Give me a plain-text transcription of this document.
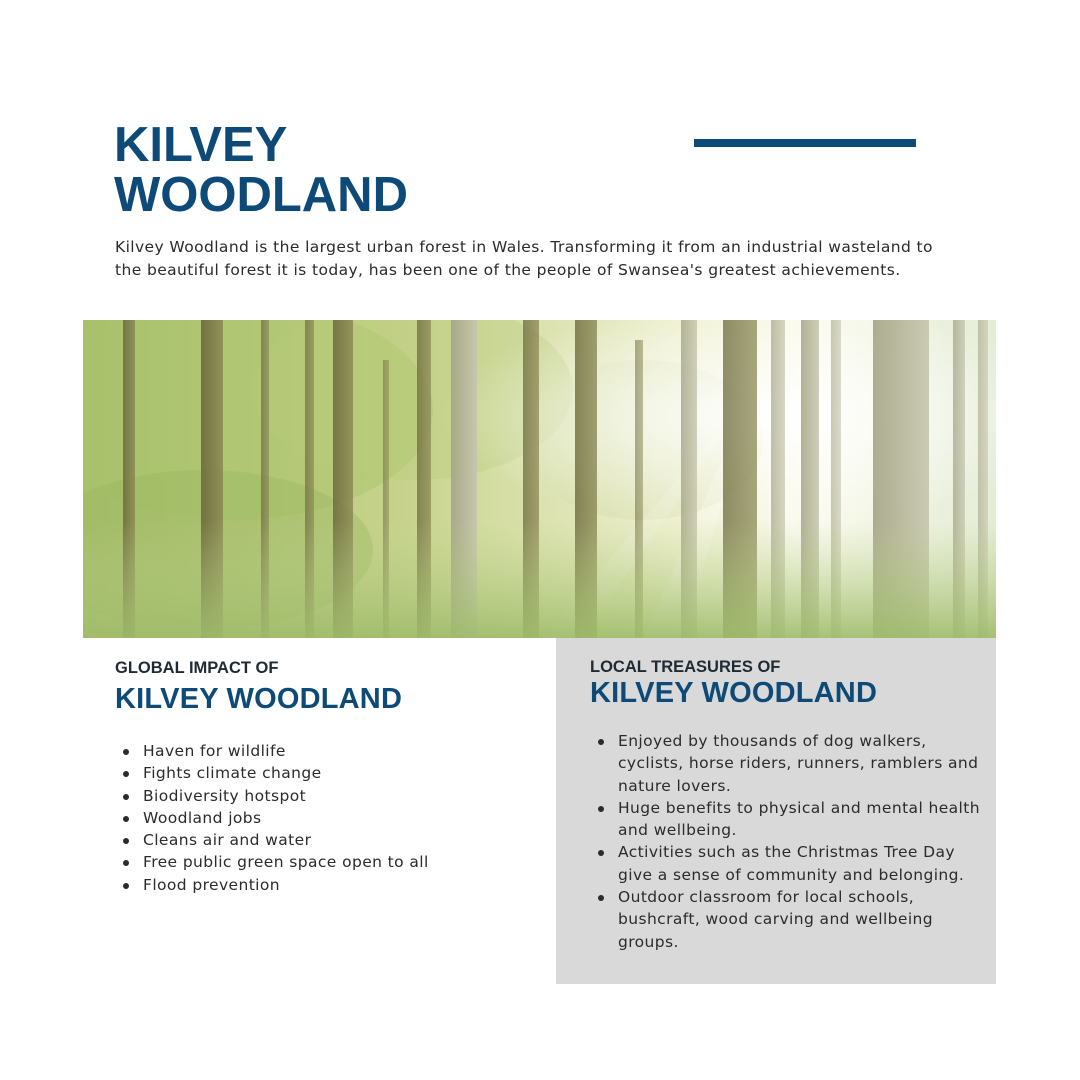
KILVEY
WOODLAND

Kilvey Woodland is the largest urban forest in Wales. Transforming it from an industrial wasteland to the beautiful forest it is today, has been one of the people of Swansea's greatest achievements.

GLOBAL IMPACT OF
KILVEY WOODLAND
Haven for wildlife
Fights climate change
Biodiversity hotspot
Woodland jobs
Cleans air and water
Free public green space open to all
Flood prevention
LOCAL TREASURES OF
KILVEY WOODLAND
Enjoyed by thousands of dog walkers, cyclists, horse riders, runners, ramblers and nature lovers.
Huge benefits to physical and mental health and wellbeing.
Activities such as the Christmas Tree Day give a sense of community and belonging.
Outdoor classroom for local schools, bushcraft, wood carving and wellbeing groups.
